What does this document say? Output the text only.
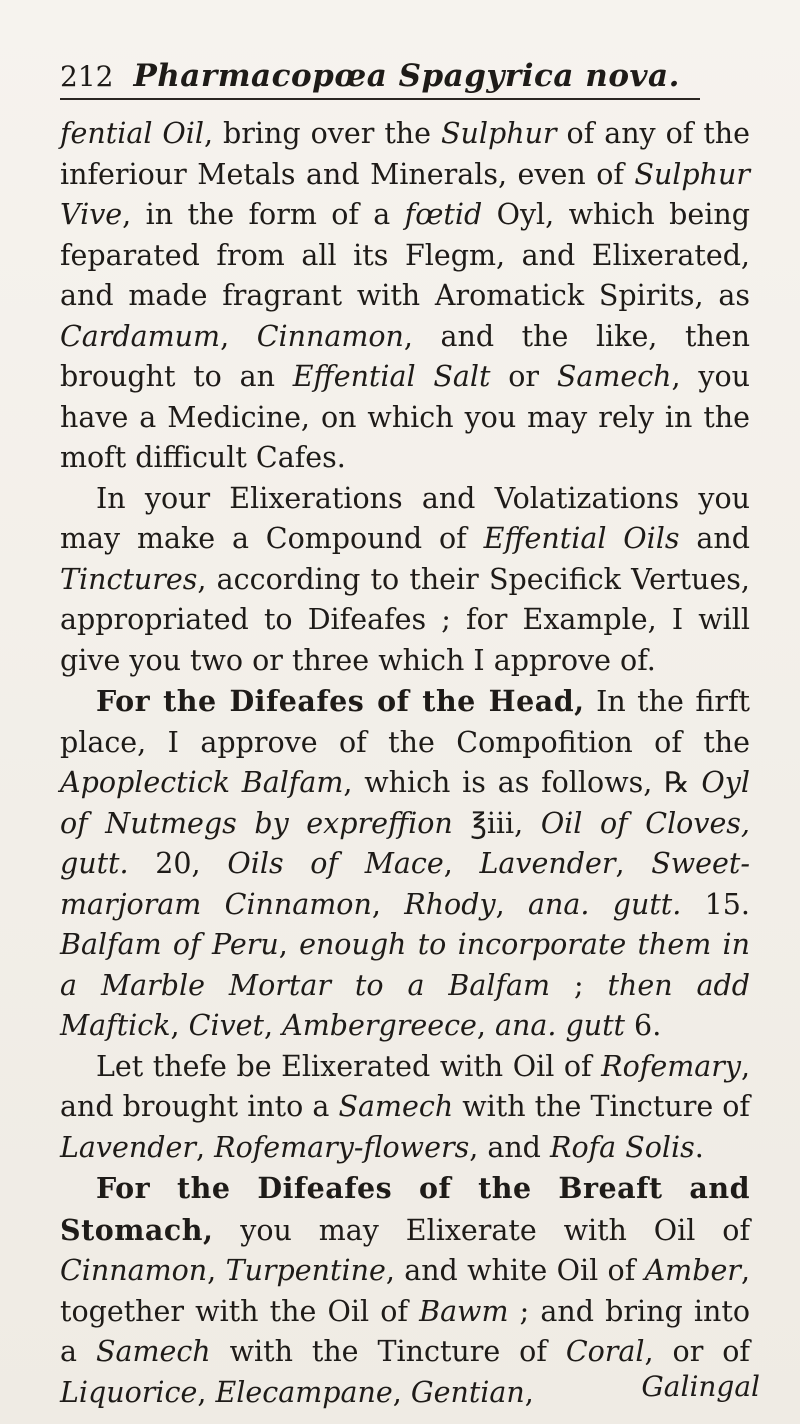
212 Pharmacopœa Spagyrica nova.

fential Oil, bring over the Sulphur of any of the inferiour Metals and Minerals, even of Sulphur Vive, in the form of a fœtid Oyl, which being feparated from all its Flegm, and Elixerated, and made fragrant with Aromatick Spirits, as Cardamum, Cinnamon, and the like, then brought to an Effential Salt or Samech, you have a Medicine, on which you may rely in the moft difficult Cafes.

In your Elixerations and Volatizations you may make a Compound of Effential Oils and Tinctures, according to their Specifick Vertues, appropriated to Difeafes ; for Example, I will give you two or three which I approve of.

For the Difeafes of the Head, In the firft place, I approve of the Compofition of the Apoplectick Balfam, which is as follows, ℞ Oyl of Nutmegs by expreffion ℥iii, Oil of Cloves, gutt. 20, Oils of Mace, Lavender, Sweet-marjoram Cinnamon, Rhody, ana. gutt. 15. Balfam of Peru, enough to incorporate them in a Marble Mortar to a Balfam ; then add Maftick, Civet, Ambergreece, ana. gutt 6.

Let thefe be Elixerated with Oil of Rofemary, and brought into a Samech with the Tincture of Lavender, Rofemary-flowers, and Rofa Solis.

For the Difeafes of the Breaft and Stomach, you may Elixerate with Oil of Cinnamon, Turpentine, and white Oil of Amber, together with the Oil of Bawm ; and bring into a Samech with the Tincture of Coral, or of Liquorice, Elecampane, Gentian,	Galingal
